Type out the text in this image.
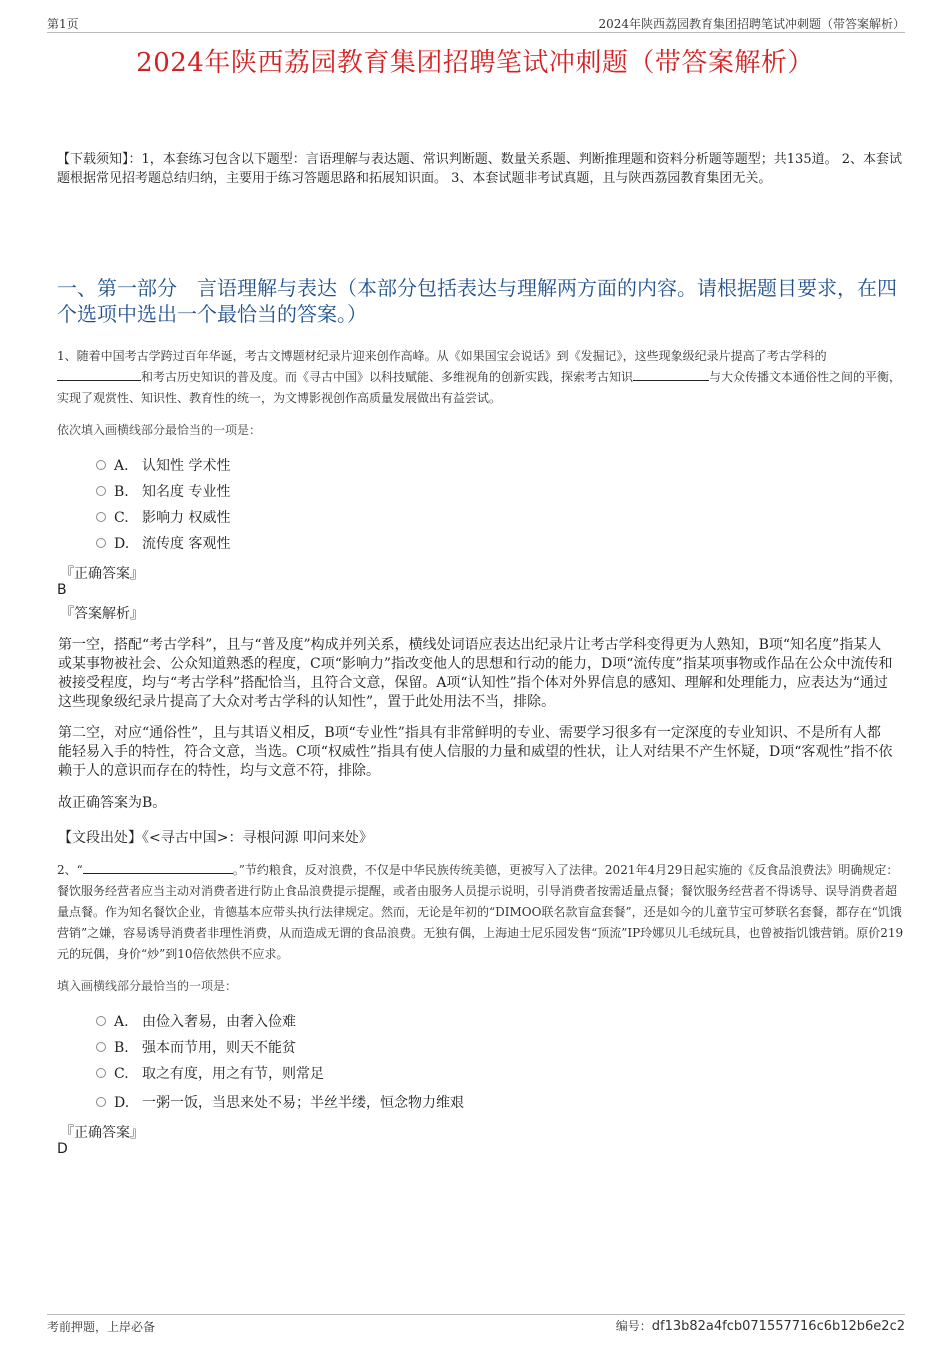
第1页	2024年陕西荔园教育集团招聘笔试冲刺题（带答案解析）
2024年陕西荔园教育集团招聘笔试冲刺题（带答案解析）
【下载须知】：1，本套练习包含以下题型：言语理解与表达题、常识判断题、数量关系题、判断推理题和资料分析题等题型；共135道。 2、本套试题根据常见招考题总结归纳，主要用于练习答题思路和拓展知识面。 3、本套试题非考试真题，且与陕西荔园教育集团无关。
一、第一部分　言语理解与表达（本部分包括表达与理解两方面的内容。请根据题目要求，在四个选项中选出一个最恰当的答案。）
1、随着中国考古学跨过百年华诞，考古文博题材纪录片迎来创作高峰。从《如果国宝会说话》到《发掘记》，这些现象级纪录片提高了考古学科的和考古历史知识的普及度。而《寻古中国》以科技赋能、多维视角的创新实践，探索考古知识	与大众传播文本通俗性之间的平衡，实现了观赏性、知识性、教育性的统一，为文博影视创作高质量发展做出有益尝试。
依次填入画横线部分最恰当的一项是：
A. 认知性 学术性
B. 知名度 专业性
C. 影响力 权威性
D. 流传度 客观性
『正确答案』
B
『答案解析』
第一空，搭配“考古学科”，且与“普及度”构成并列关系，横线处词语应表达出纪录片让考古学科变得更为人熟知，B项“知名度”指某人或某事物被社会、公众知道熟悉的程度，C项“影响力”指改变他人的思想和行动的能力，D项“流传度”指某项事物或作品在公众中流传和被接受程度，均与“考古学科”搭配恰当，且符合文意，保留。A项“认知性”指个体对外界信息的感知、理解和处理能力，应表达为“通过这些现象级纪录片提高了大众对考古学科的认知性”，置于此处用法不当，排除。
第二空，对应“通俗性”，且与其语义相反，B项“专业性”指具有非常鲜明的专业、需要学习很多有一定深度的专业知识、不是所有人都能轻易入手的特性，符合文意，当选。C项“权威性”指具有使人信服的力量和威望的性状，让人对结果不产生怀疑，D项“客观性”指不依赖于人的意识而存在的特性，均与文意不符，排除。
故正确答案为B。
【文段出处】《<寻古中国>：寻根问源 叩问来处》
2、“	。”节约粮食，反对浪费，不仅是中华民族传统美德，更被写入了法律。2021年4月29日起实施的《反食品浪费法》明确规定：餐饮服务经营者应当主动对消费者进行防止食品浪费提示提醒，或者由服务人员提示说明，引导消费者按需适量点餐；餐饮服务经营者不得诱导、误导消费者超量点餐。作为知名餐饮企业，肯德基本应带头执行法律规定。然而，无论是年初的“DIMOO联名款盲盒套餐”，还是如今的儿童节宝可梦联名套餐，都存在“饥饿营销”之嫌，容易诱导消费者非理性消费，从而造成无谓的食品浪费。无独有偶，上海迪士尼乐园发售“顶流”IP玲娜贝儿毛绒玩具，也曾被指饥饿营销。原价219元的玩偶，身价“炒”到10倍依然供不应求。
填入画横线部分最恰当的一项是：
A. 由俭入奢易，由奢入俭难
B. 强本而节用，则天不能贫
C. 取之有度，用之有节，则常足
D. 一粥一饭，当思来处不易；半丝半缕，恒念物力维艰
『正确答案』
D
考前押题，上岸必备	编号：df13b82a4fcb071557716c6b12b6e2c2
